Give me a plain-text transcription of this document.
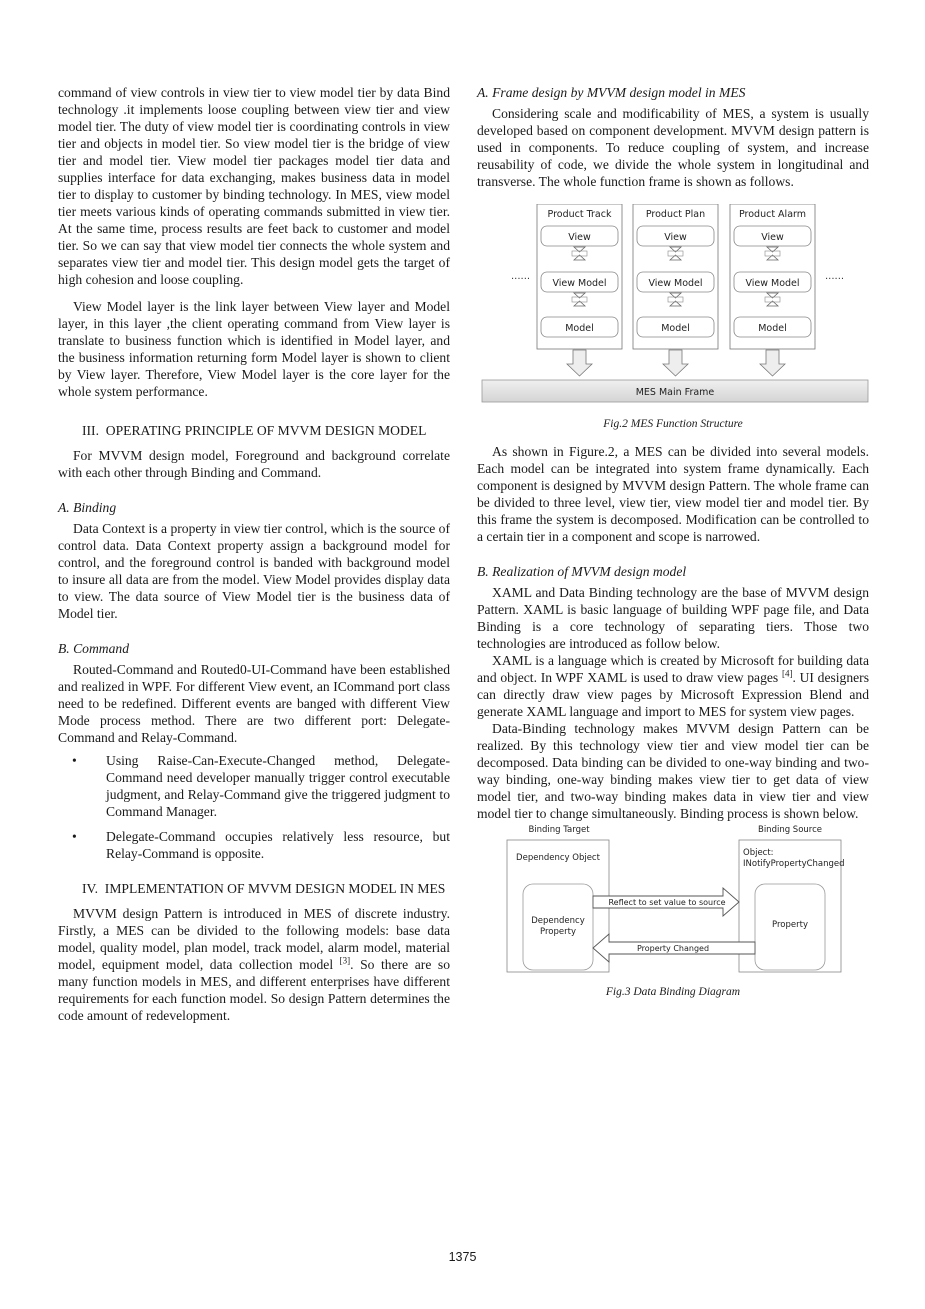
command of view controls in view tier to view model tier by data Bind technology .it implements loose coupling between view tier and view model tier. The duty of view model tier is coordinating controls in view tier and objects in model tier. So view model tier is the bridge of view tier and model tier. View model tier packages model tier data and supplies interface for data exchanging, makes business data in model tier to display to customer by binding technology. In MES, view model tier meets various kinds of operating commands submitted in view tier. At the same time, process results are feet back to customer and model tier. So we can say that view model tier connects the whole system and separates view tier and model tier. This design model gets the target of high cohesion and loose coupling.

View Model layer is the link layer between View layer and Model layer, in this layer ,the client operating command from View layer is translate to business function which is identified in Model layer, and the business information returning form Model layer is shown to client by View layer. Therefore, View Model layer is the core layer for the whole system performance.

III. OPERATING PRINCIPLE OF MVVM DESIGN MODEL

For MVVM design model, Foreground and background correlate with each other through Binding and Command.

A. Binding

Data Context is a property in view tier control, which is the source of control data. Data Context property assign a background model for control, and the foreground control is banded with background model to insure all data are from the model. View Model provides display data to view. The data source of View Model tier is the business data of Model tier.

B. Command

Routed-Command and Routed0-UI-Command have been established and realized in WPF. For different View event, an ICommand port class need to be redefined. Different events are banged with different View Mode process method. There are two different port: Delegate-Command and Relay-Command.

• Using Raise-Can-Execute-Changed method, Delegate-Command need developer manually trigger control executable judgment, and Relay-Command give the triggered judgment to Command Manager.
• Delegate-Command occupies relatively less resource, but Relay-Command is opposite.
IV. IMPLEMENTATION OF MVVM DESIGN MODEL IN MES

MVVM design Pattern is introduced in MES of discrete industry. Firstly, a MES can be divided to the following models: base data model, quality model, plan model, track model, alarm model, material model, equipment model, data collection model [3]. So there are so many function models in MES, and different enterprises have different requirements for each function model. So design Pattern determines the code amount of redevelopment.

A. Frame design by MVVM design model in MES

Considering scale and modificability of MES, a system is usually developed based on component development. MVVM design pattern is used in components. To reduce coupling of system, and increase reusability of code, we divide the whole system in longitudinal and transverse. The whole function frame is shown as follows.

......	......
Product Track
View
View Model
Model
Product Plan
View
View Model
Model
Product Alarm
View
View Model
Model
MES Main Frame
Fig.2 MES Function Structure

As shown in Figure.2, a MES can be divided into several models. Each model can be integrated into system frame dynamically. Each component is designed by MVVM design Pattern. The whole frame can be divided to three level, view tier, view model tier and model tier. By this frame the system is decomposed. Modification can be controlled to a certain tier in a component and scope is narrowed.

B. Realization of MVVM design model

XAML and Data Binding technology are the base of MVVM design Pattern. XAML is basic language of building WPF page file, and Data Binding is a core technology of separating tiers. Those two technologies are introduced as follow below.

XAML is a language which is created by Microsoft for building data and object. In WPF XAML is used to draw view pages [4]. UI designers can directly draw view pages by Microsoft Expression Blend and generate XAML language and import to MES for system view pages.

Data-Binding technology makes MVVM design Pattern can be realized. By this technology view tier and view model tier can be decomposed. Data binding can be divided to one-way binding and two-way binding, one-way binding makes view tier to get data of view model tier, and two-way binding makes data in view tier and view model tier to change simultaneously. Binding process is shown below.

Binding Target	Binding Source
Dependency Object
Dependency
Property
Object:
INotifyPropertyChanged
Property
Reflect to set value to source
Property Changed
Fig.3 Data Binding Diagram
1375
